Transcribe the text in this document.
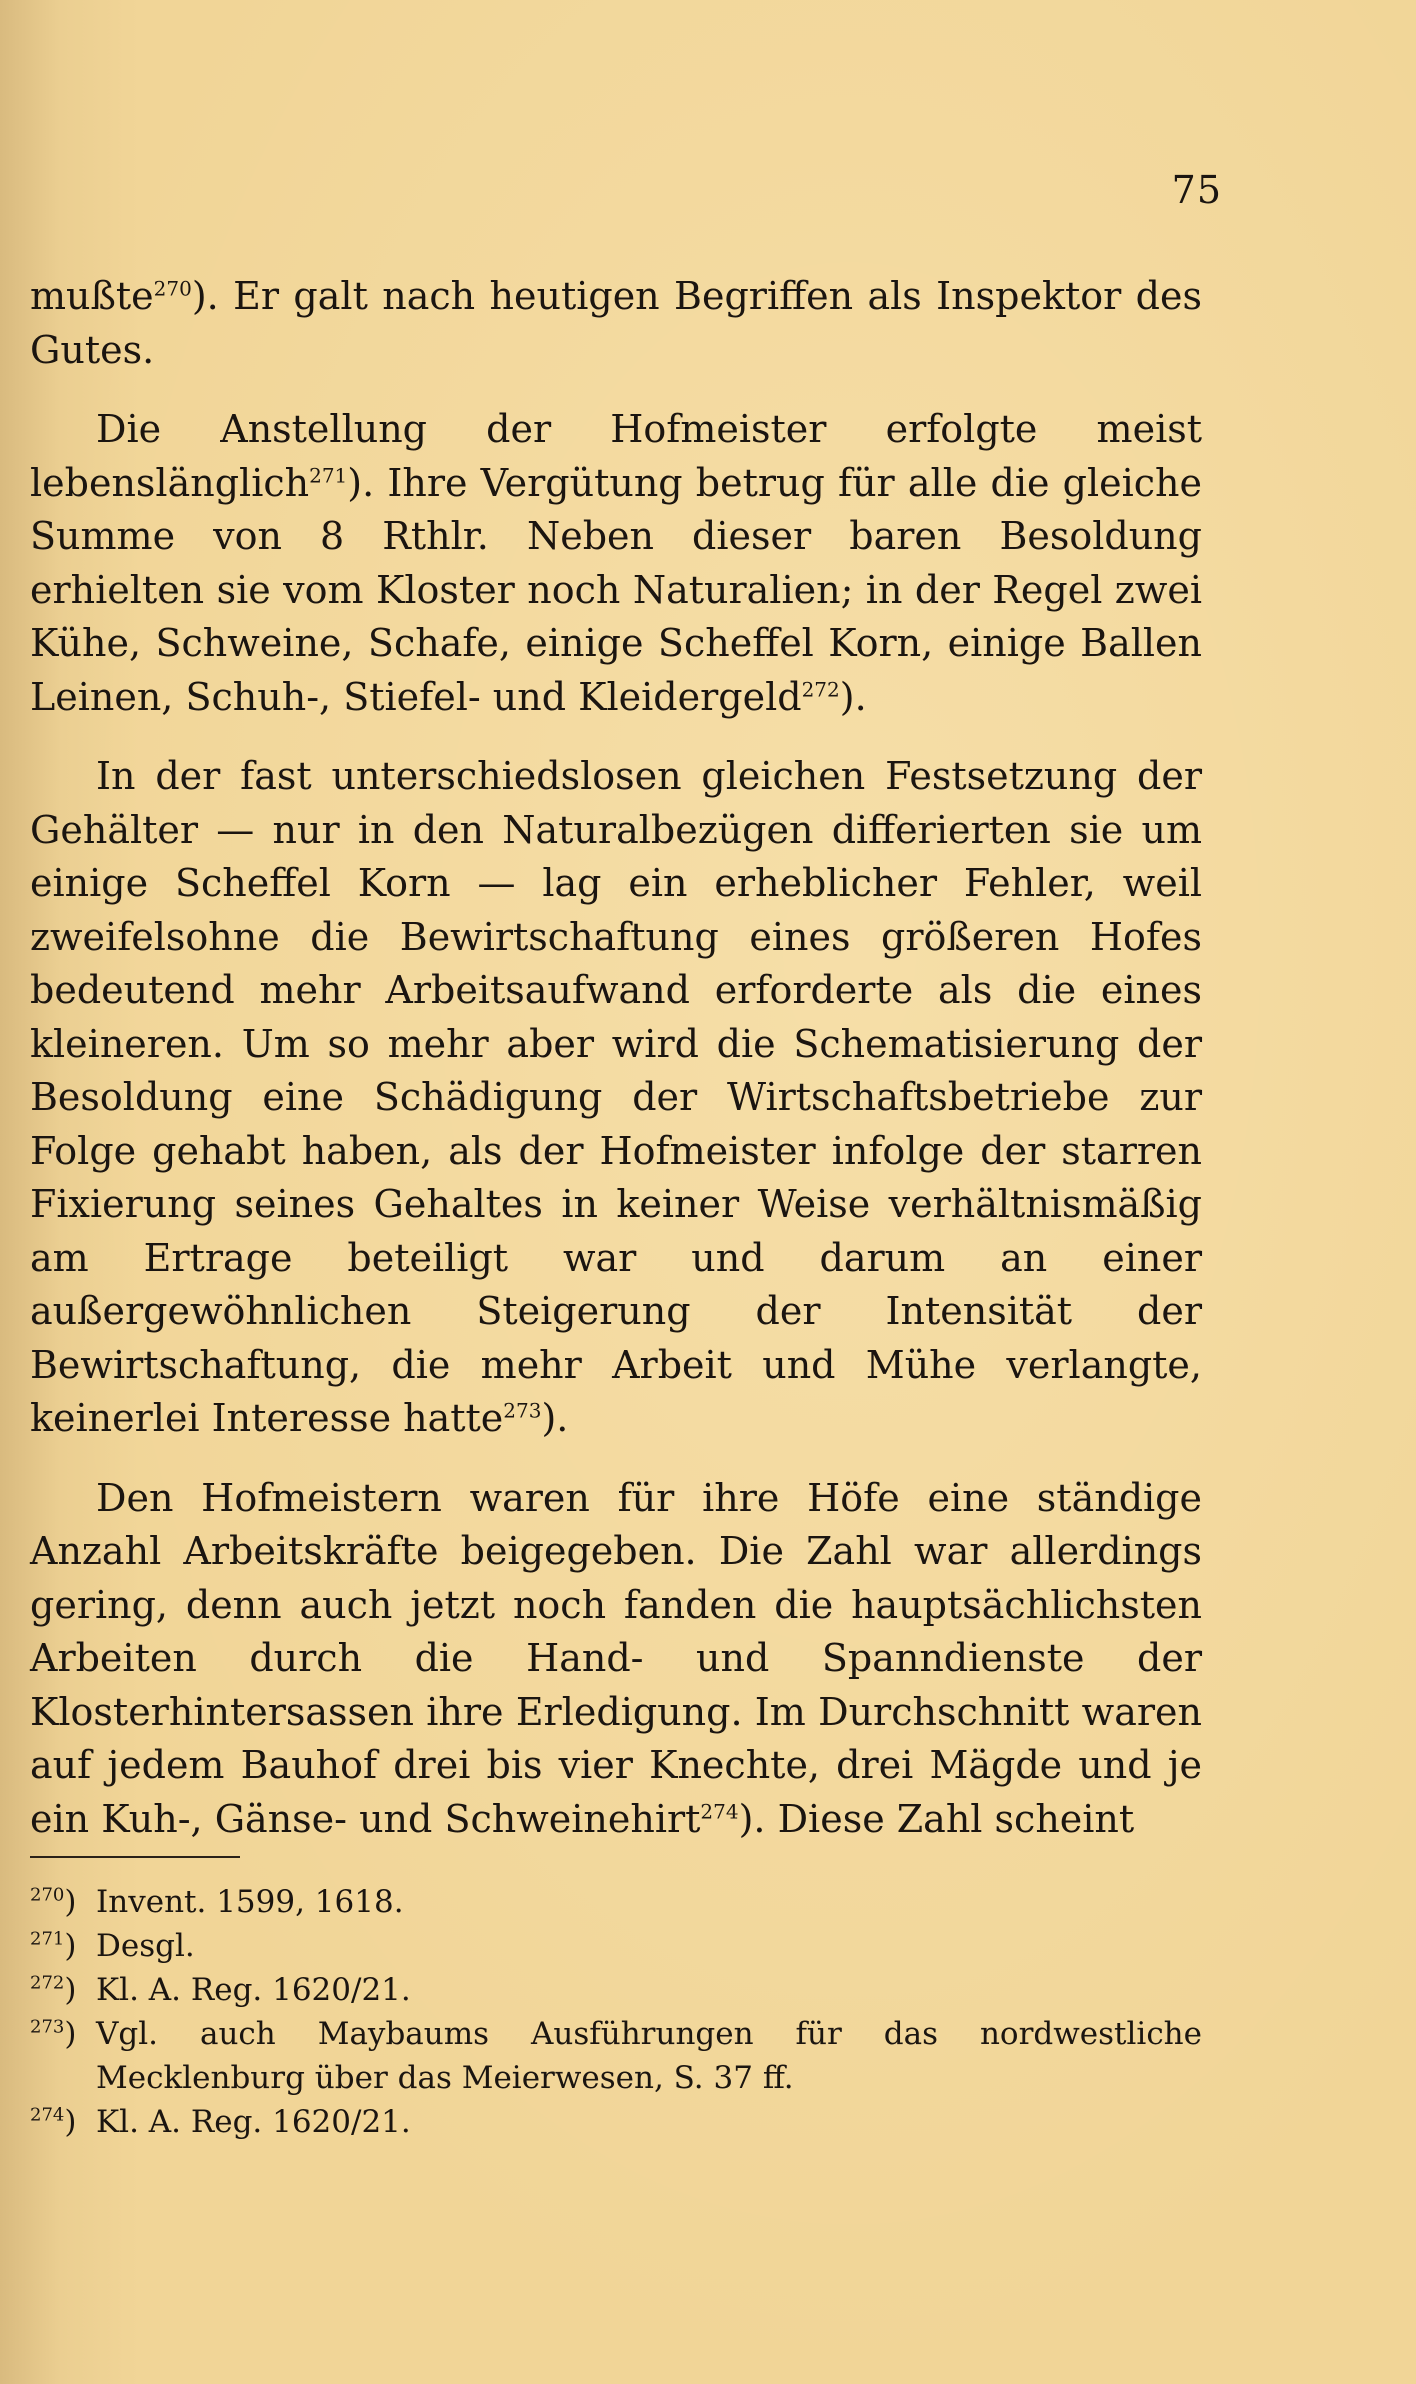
75

mußte$^{270}$). Er galt nach heutigen Begriffen als Inspektor des Gutes.

Die Anstellung der Hofmeister erfolgte meist lebenslänglich$^{271}$). Ihre Vergütung betrug für alle die gleiche Summe von 8 Rthlr. Neben dieser baren Besoldung erhielten sie vom Kloster noch Naturalien; in der Regel zwei Kühe, Schweine, Schafe, einige Scheffel Korn, einige Ballen Leinen, Schuh-, Stiefel- und Kleidergeld$^{272}$).

In der fast unterschiedslosen gleichen Festsetzung der Gehälter — nur in den Naturalbezügen differierten sie um einige Scheffel Korn — lag ein erheblicher Fehler, weil zweifelsohne die Bewirtschaftung eines größeren Hofes bedeutend mehr Arbeitsaufwand erforderte als die eines kleineren. Um so mehr aber wird die Schematisierung der Besoldung eine Schädigung der Wirtschaftsbetriebe zur Folge gehabt haben, als der Hofmeister infolge der starren Fixierung seines Gehaltes in keiner Weise verhältnismäßig am Ertrage beteiligt war und darum an einer außergewöhnlichen Steigerung der Intensität der Bewirtschaftung, die mehr Arbeit und Mühe verlangte, keinerlei Interesse hatte$^{273}$).

Den Hofmeistern waren für ihre Höfe eine ständige Anzahl Arbeitskräfte beigegeben. Die Zahl war allerdings gering, denn auch jetzt noch fanden die hauptsächlichsten Arbeiten durch die Hand- und Spanndienste der Klosterhintersassen ihre Erledigung. Im Durchschnitt waren auf jedem Bauhof drei bis vier Knechte, drei Mägde und je ein Kuh-, Gänse- und Schweinehirt$^{274}$). Diese Zahl scheint

$^{270}$) Invent. 1599, 1618.
$^{271}$) Desgl.
$^{272}$) Kl. A. Reg. 1620/21.
$^{273}$) Vgl. auch Maybaums Ausführungen für das nordwestliche Mecklenburg über das Meierwesen, S. 37 ff.
$^{274}$) Kl. A. Reg. 1620/21.
